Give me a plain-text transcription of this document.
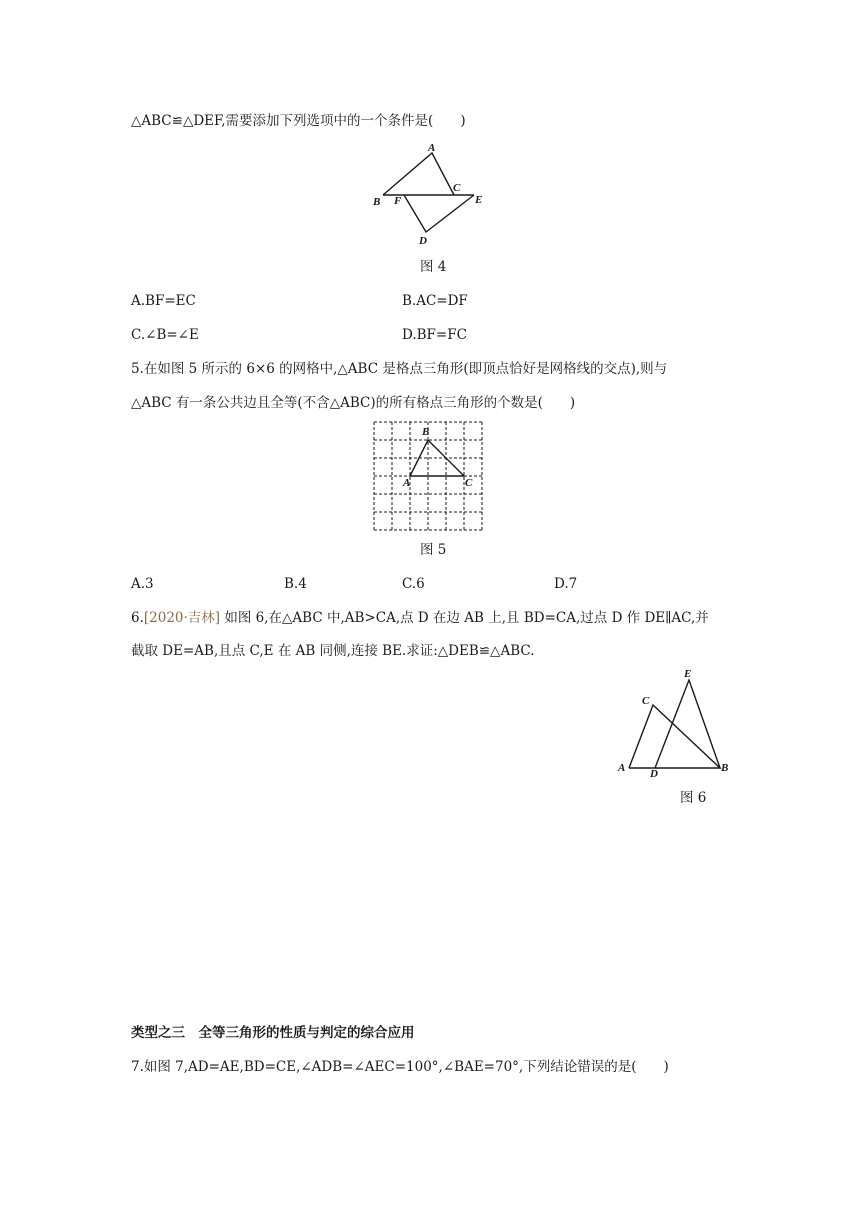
△ABC≌△DEF,需要添加下列选项中的一个条件是(　　)
A
B F
C
E
D
图 4
A.BF=EC	B.AC=DF
C.∠B=∠E	D.BF=FC
5.在如图 5 所示的 6×6 的网格中,△ABC 是格点三角形(即顶点恰好是网格线的交点),则与
△ABC 有一条公共边且全等(不含△ABC)的所有格点三角形的个数是(　　)
B
A	C
图 5
A.3	B.4	C.6	D.7
6.[2020·吉林] 如图 6,在△ABC 中,AB>CA,点 D 在边 AB 上,且 BD=CA,过点 D 作 DE∥AC,并
截取 DE=AB,且点 C,E 在 AB 同侧,连接 BE.求证:△DEB≌△ABC.
E
C
A D	B
图 6
类型之三　全等三角形的性质与判定的综合应用
7.如图 7,AD=AE,BD=CE,∠ADB=∠AEC=100°,∠BAE=70°,下列结论错误的是(　　)
